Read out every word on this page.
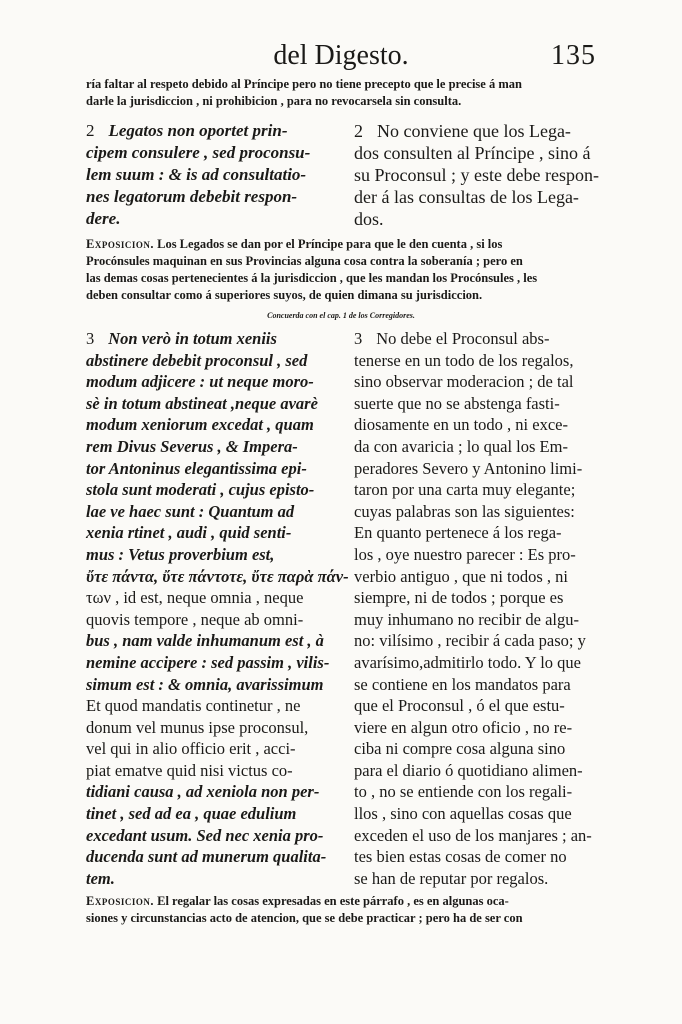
del Digesto.	135
ría faltar al respeto debido al Príncipe pero no tiene precepto que le precise á man
darle la jurisdiccion , ni prohibicion , para no revocarsela sin consulta.
2 Legatos non oportet prin-
cipem consulere , sed proconsu-
lem suum : & is ad consultatio-
nes legatorum debebit respon-
dere.
2 No conviene que los Lega-
dos consulten al Príncipe , sino á
su Proconsul ; y este debe respon-
der á las consultas de los Lega-
dos.
Exposicion. Los Legados se dan por el Príncipe para que le den cuenta , si los
Procónsules maquinan en sus Provincias alguna cosa contra la soberanía ; pero en
las demas cosas pertenecientes á la jurisdiccion , que les mandan los Procónsules , les
deben consultar como á superiores suyos, de quien dimana su jurisdiccion.
Concuerda con el cap. 1 de los Corregidores.
3 Non verò in totum xeniis
abstinere debebit proconsul , sed
modum adjicere : ut neque moro-
sè in totum abstineat ,neque avarè
modum xeniorum excedat , quam
rem Divus Severus , & Impera-
tor Antoninus elegantissima epi-
stola sunt moderati , cujus episto-
lae ve haec sunt : Quantum ad
xenia rtinet , audi , quid senti-
mus : Vetus proverbium est,
ὔτε πάντα, ὔτε πάντοτε, ὔτε παρὰ πάν-
των , id est, neque omnia , neque
quovis tempore , neque ab omni-
bus , nam valde inhumanum est , à
nemine accipere : sed passim , vilis-
simum est : & omnia, avarissimum
Et quod mandatis continetur , ne
donum vel munus ipse proconsul,
vel qui in alio officio erit , acci-
piat ematve quid nisi victus co-
tidiani causa , ad xeniola non per-
tinet , sed ad ea , quae edulium
excedant usum. Sed nec xenia pro-
ducenda sunt ad munerum qualita-
tem.
3 No debe el Proconsul abs-
tenerse en un todo de los regalos,
sino observar moderacion ; de tal
suerte que no se abstenga fasti-
diosamente en un todo , ni exce-
da con avaricia ; lo qual los Em-
peradores Severo y Antonino limi-
taron por una carta muy elegante;
cuyas palabras son las siguientes:
En quanto pertenece á los rega-
los , oye nuestro parecer : Es pro-
verbio antiguo , que ni todos , ni
siempre, ni de todos ; porque es
muy inhumano no recibir de algu-
no: vilísimo , recibir á cada paso; y
avarísimo,admitirlo todo. Y lo que
se contiene en los mandatos para
que el Proconsul , ó el que estu-
viere en algun otro oficio , no re-
ciba ni compre cosa alguna sino
para el diario ó quotidiano alimen-
to , no se entiende con los regali-
llos , sino con aquellas cosas que
exceden el uso de los manjares ; an-
tes bien estas cosas de comer no
se han de reputar por regalos.
Exposicion. El regalar las cosas expresadas en este párrafo , es en algunas oca-
siones y circunstancias acto de atencion, que se debe practicar ; pero ha de ser con
